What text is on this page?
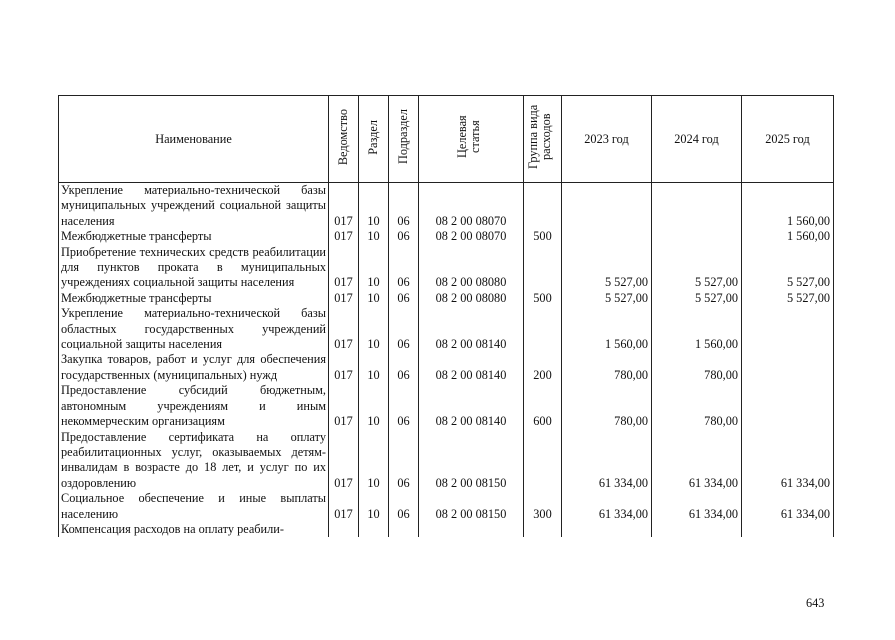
Наименование	Ведомство	Раздел	Подраздел	Целевая статья	Группа вида расходов	2023 год	2024 год	2025 год
Укрепление материально-технической базы муниципальных учреждений социальной защиты населения	017	10	06	08 2 00 08070				1 560,00
Межбюджетные трансферты	017	10	06	08 2 00 08070	500			1 560,00
Приобретение технических средств реабилитации для пунктов проката в муниципальных учреждениях социальной защиты населения	017	10	06	08 2 00 08080		5 527,00	5 527,00	5 527,00
Межбюджетные трансферты	017	10	06	08 2 00 08080	500	5 527,00	5 527,00	5 527,00
Укрепление материально-технической базы областных государственных учреждений социальной защиты населения	017	10	06	08 2 00 08140		1 560,00	1 560,00	
Закупка товаров, работ и услуг для обеспечения государственных (муниципальных) нужд	017	10	06	08 2 00 08140	200	780,00	780,00	
Предоставление субсидий бюджетным, автономным учреждениям и иным некоммерческим организациям	017	10	06	08 2 00 08140	600	780,00	780,00	
Предоставление сертификата на оплату реабилитационных услуг, оказываемых детям-инвалидам в возрасте до 18 лет, и услуг по их оздоровлению	017	10	06	08 2 00 08150		61 334,00	61 334,00	61 334,00
Социальное обеспечение и иные выплаты населению	017	10	06	08 2 00 08150	300	61 334,00	61 334,00	61 334,00
Компенсация расходов на оплату реабили-								
643
